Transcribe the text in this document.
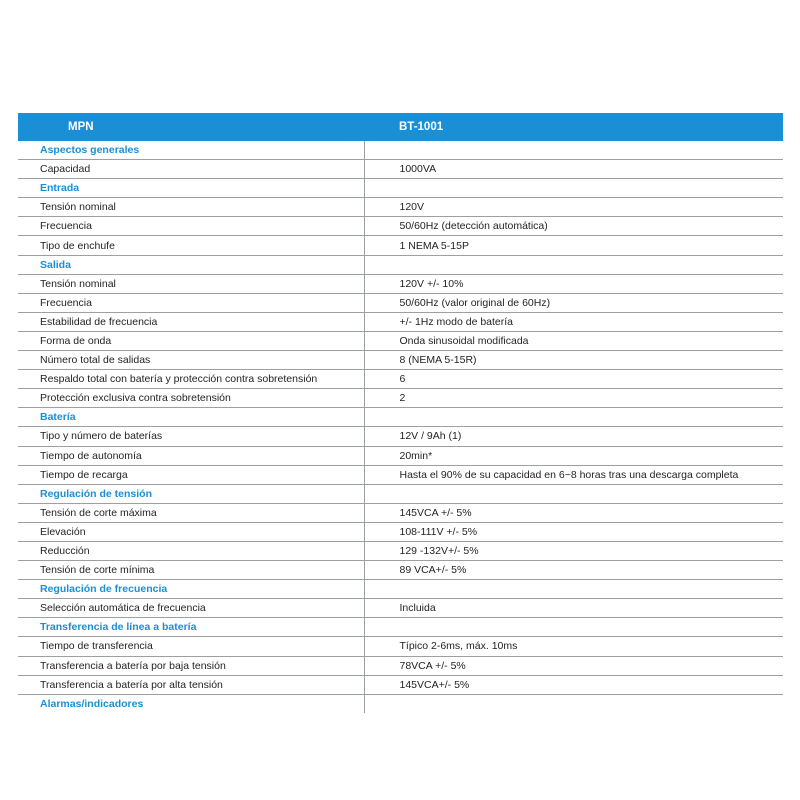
MPN	BT-1001
Aspectos generales	
Capacidad	1000VA
Entrada	
Tensión nominal	120V
Frecuencia	50/60Hz (detección automática)
Tipo de enchufe	1 NEMA 5-15P
Salida	
Tensión nominal	120V +/- 10%
Frecuencia	50/60Hz (valor original de 60Hz)
Estabilidad de frecuencia	+/- 1Hz modo de batería
Forma de onda	Onda sinusoidal modificada
Número total de salidas	8 (NEMA 5-15R)
Respaldo total con batería y protección contra sobretensión	6
Protección exclusiva contra sobretensión	2
Batería	
Tipo y número de baterías	12V / 9Ah (1)
Tiempo de autonomía	20min*
Tiempo de recarga	Hasta el 90% de su capacidad en 6~8 horas tras una descarga completa
Regulación de tensión	
Tensión de corte máxima	145VCA +/- 5%
Elevación	108-111V +/- 5%
Reducción	129 -132V+/- 5%
Tensión de corte mínima	89 VCA+/- 5%
Regulación de frecuencia	
Selección automática de frecuencia	Incluida
Transferencia de línea a batería	
Tiempo de transferencia	Típico 2-6ms, máx. 10ms
Transferencia a batería por baja tensión	78VCA +/- 5%
Transferencia a batería por alta tensión	145VCA+/- 5%
Alarmas/indicadores	
